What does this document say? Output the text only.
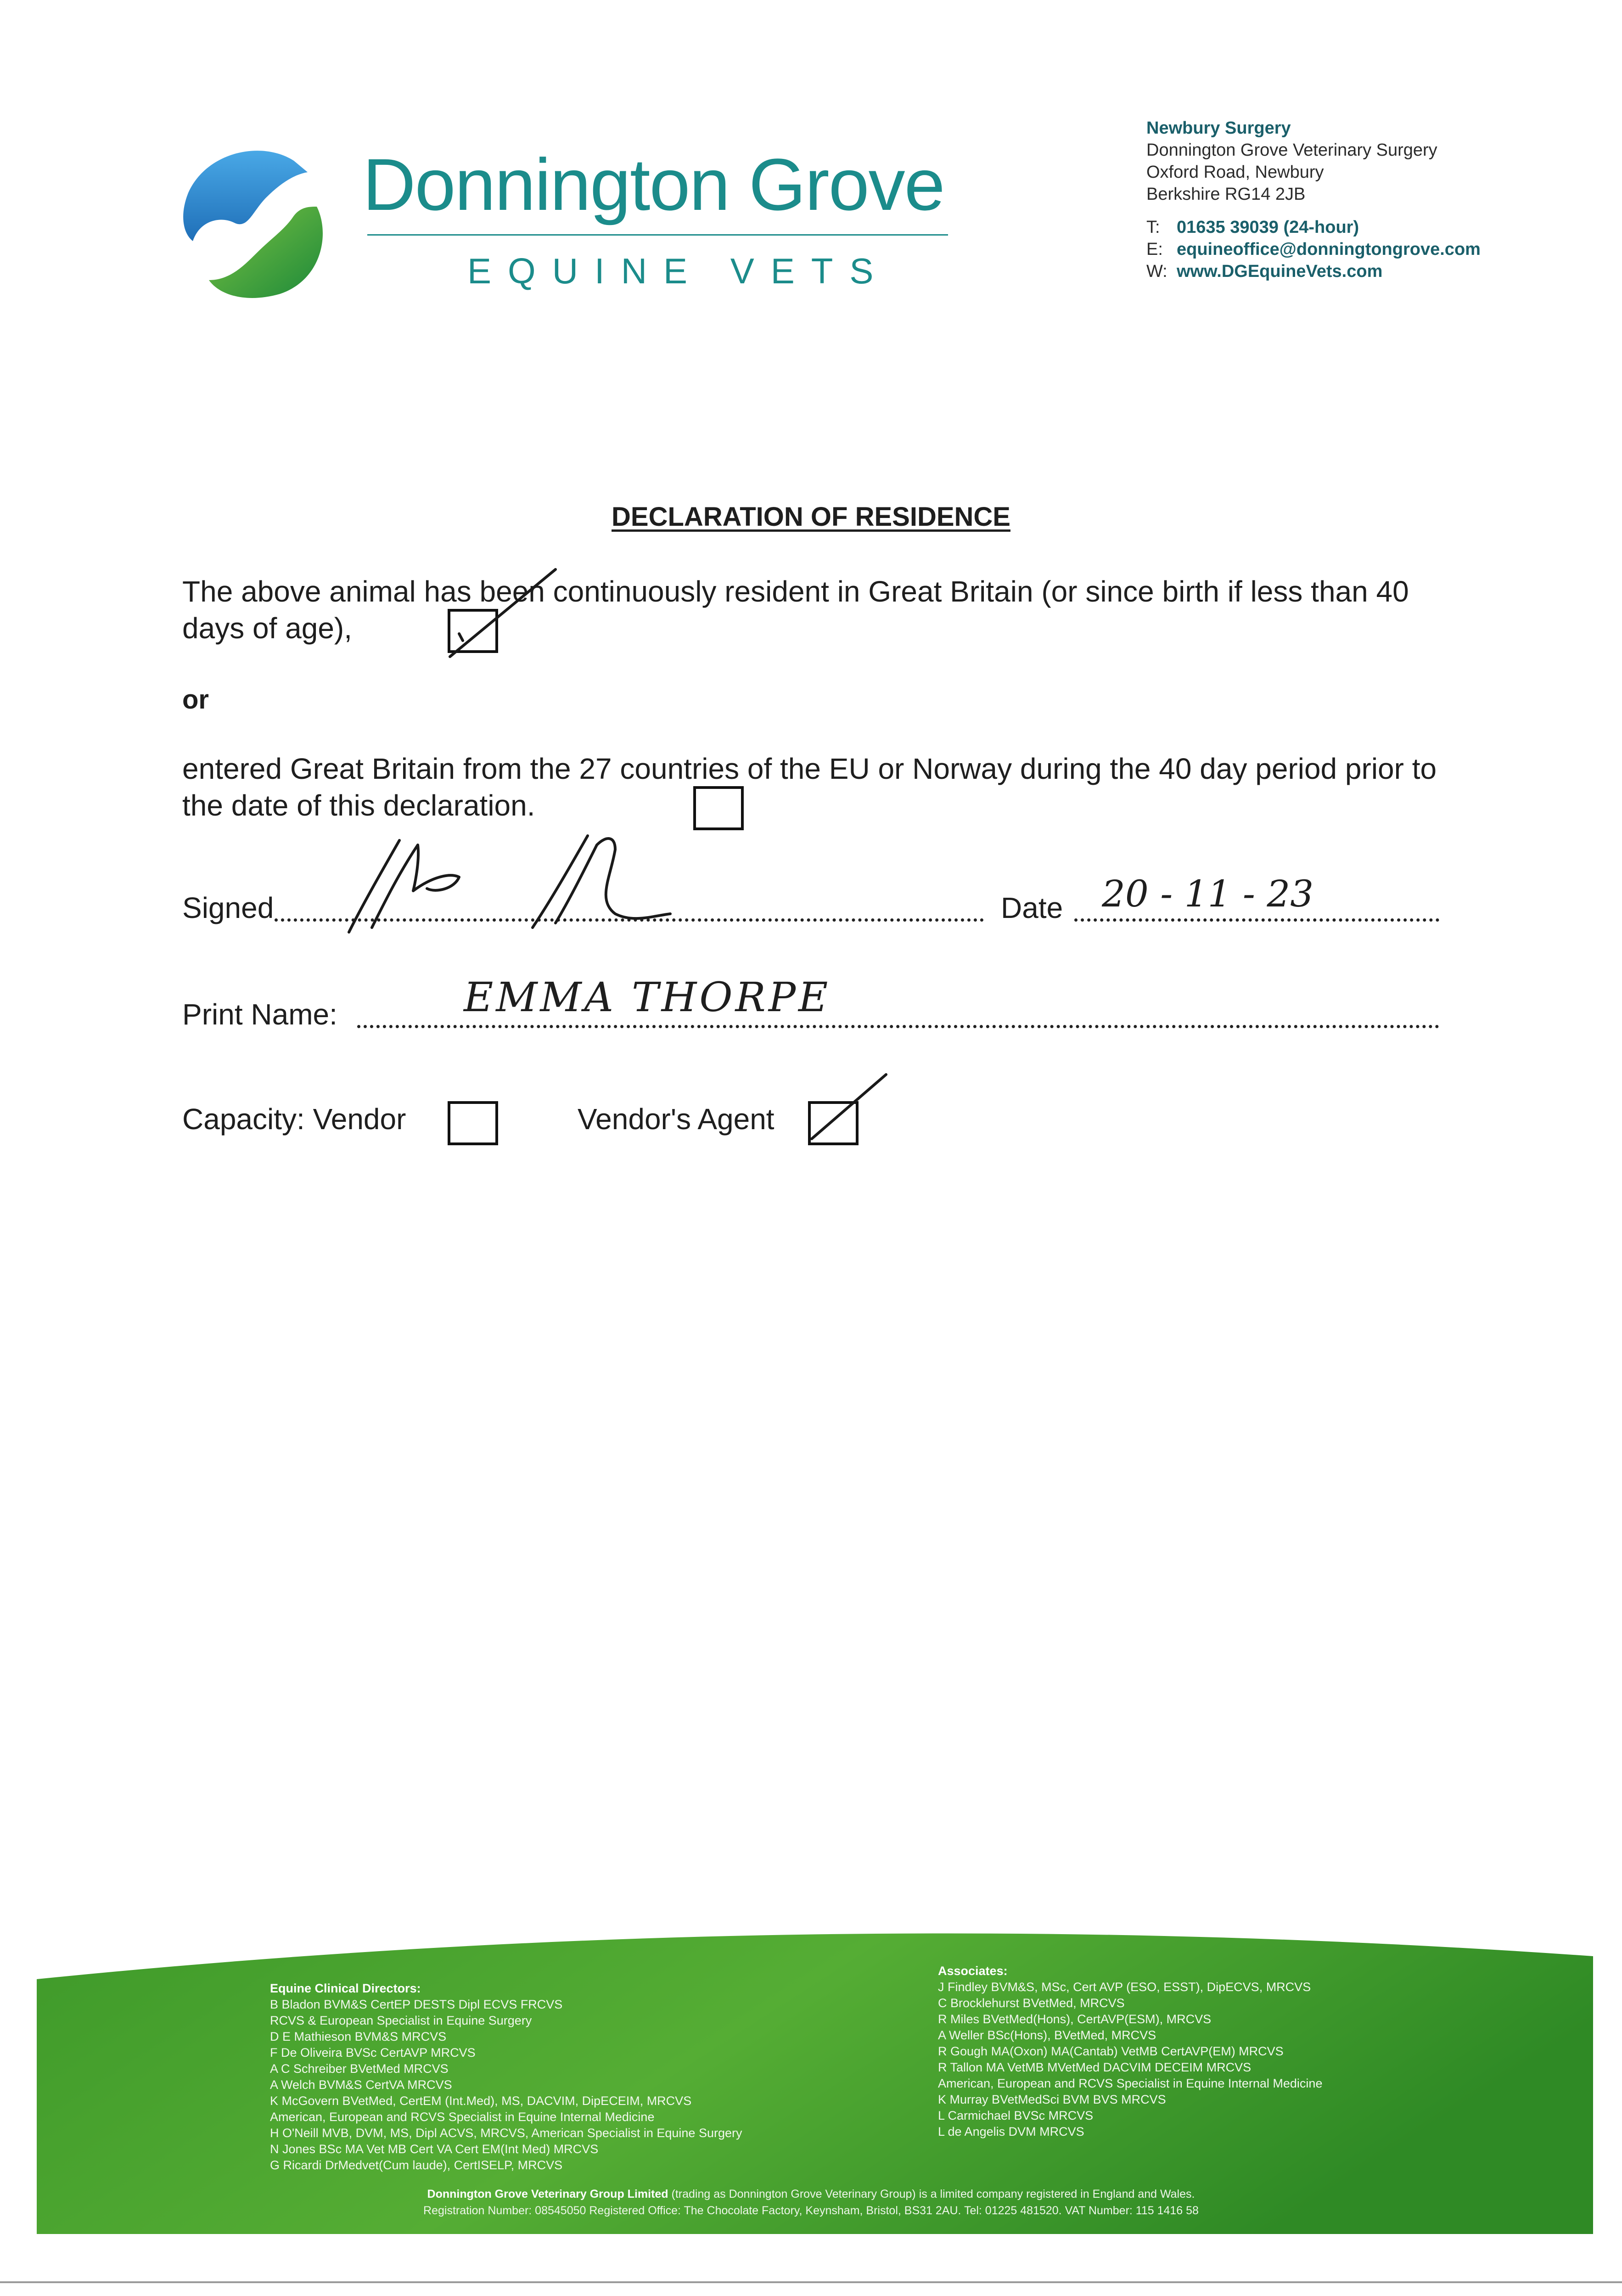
Donnington Grove
EQUINE VETS
Newbury Surgery
Donnington Grove Veterinary Surgery
Oxford Road, Newbury
Berkshire RG14 2JB
T: 01635 39039 (24-hour)
E: equineoffice@donningtongrove.com
W: www.DGEquineVets.com
DECLARATION OF RESIDENCE
The above animal has been continuously resident in Great Britain (or since birth if less than 40 days of age),
or
entered Great Britain from the 27 countries of the EU or Norway during the 40 day period prior to the date of this declaration.
Signed	Date 20 - 11 - 23
Print Name:	EMMA THORPE
Capacity: Vendor	Vendor's Agent
Equine Clinical Directors:
B Bladon BVM&S CertEP DESTS Dipl ECVS FRCVS
RCVS & European Specialist in Equine Surgery
D E Mathieson BVM&S MRCVS
F De Oliveira BVSc CertAVP MRCVS
A C Schreiber BVetMed MRCVS
A Welch BVM&S CertVA MRCVS
K McGovern BVetMed, CertEM (Int.Med), MS, DACVIM, DipECEIM, MRCVS
American, European and RCVS Specialist in Equine Internal Medicine
H O'Neill MVB, DVM, MS, Dipl ACVS, MRCVS, American Specialist in Equine Surgery
N Jones BSc MA Vet MB Cert VA Cert EM(Int Med) MRCVS
G Ricardi DrMedvet(Cum laude), CertISELP, MRCVS
Associates:
J Findley BVM&S, MSc, Cert AVP (ESO, ESST), DipECVS, MRCVS
C Brocklehurst BVetMed, MRCVS
R Miles BVetMed(Hons), CertAVP(ESM), MRCVS
A Weller BSc(Hons), BVetMed, MRCVS
R Gough MA(Oxon) MA(Cantab) VetMB CertAVP(EM) MRCVS
R Tallon MA VetMB MVetMed DACVIM DECEIM MRCVS
American, European and RCVS Specialist in Equine Internal Medicine
K Murray BVetMedSci BVM BVS MRCVS
L Carmichael BVSc MRCVS
L de Angelis DVM MRCVS
Donnington Grove Veterinary Group Limited (trading as Donnington Grove Veterinary Group) is a limited company registered in England and Wales.
Registration Number: 08545050 Registered Office: The Chocolate Factory, Keynsham, Bristol, BS31 2AU. Tel: 01225 481520. VAT Number: 115 1416 58
